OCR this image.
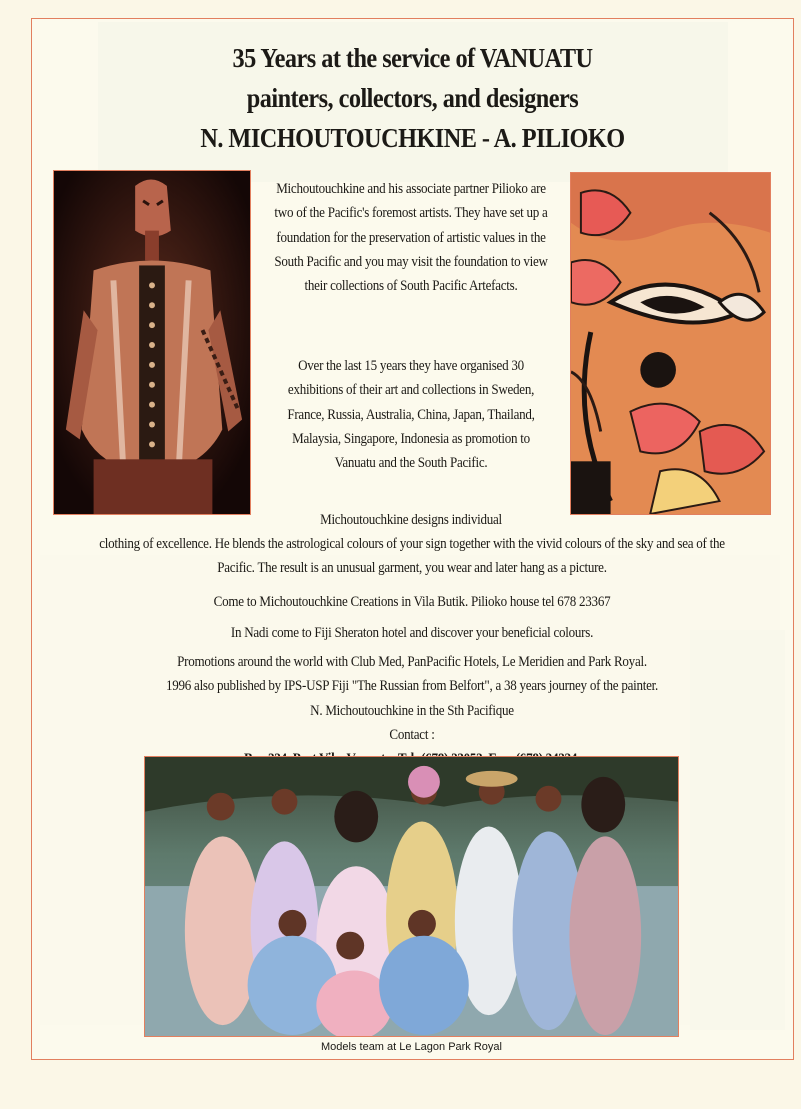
35 Years at the service of VANUATU
painters, collectors, and designers
N. MICHOUTOUCHKINE - A. PILIOKO

Michoutouchkine and his associate partner Pilioko are two of the Pacific's foremost artists. They have set up a foundation for the preservation of artistic values in the South Pacific and you may visit the foundation to view their collections of South Pacific Artefacts.

Over the last 15 years they have organised 30 exhibitions of their art and collections in Sweden, France, Russia, Australia, China, Japan, Thailand, Malaysia, Singapore, Indonesia as promotion to Vanuatu and the South Pacific.

Michoutouchkine designs individual

clothing of excellence. He blends the astrological colours of your sign together with the vivid colours of the sky and sea of the Pacific. The result is an unusual garment, you wear and later hang as a picture.

Come to Michoutouchkine Creations in Vila Butik. Pilioko house tel 678 23367

In Nadi come to Fiji Sheraton hotel and discover your beneficial colours.

Promotions around the world with Club Med, PanPacific Hotels, Le Meridien and Park Royal.
1996 also published by IPS-USP Fiji "The Russian from Belfort", a 38 years journey of the painter.
N. Michoutouchkine in the Sth Pacifique
Contact :

Models team at Le Lagon Park Royal
